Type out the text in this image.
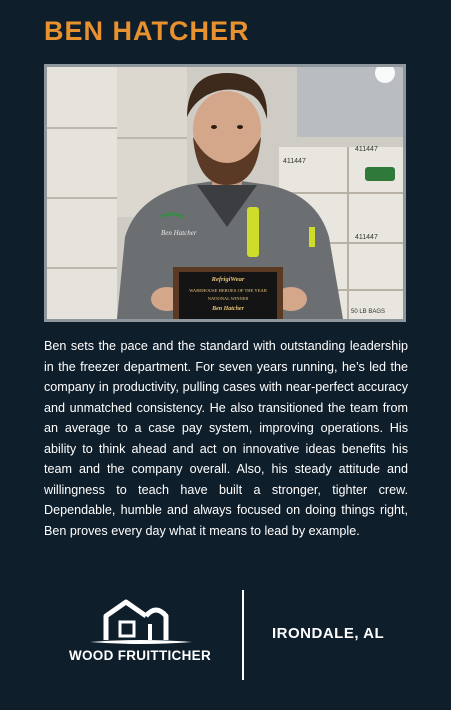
BEN HATCHER
411447
411447
411447
50 LB BAGS
Ben Hatcher
RefrigiWear
WAREHOUSE HEROES OF THE YEAR
NATIONAL WINNER
Ben Hatcher
Ben sets the pace and the standard with outstanding leadership in the freezer department. For seven years running, he’s led the company in productivity, pulling cases with near-perfect accuracy and unmatched consistency. He also transitioned the team from an average to a case pay system, improving operations. His ability to think ahead and act on innovative ideas benefits his team and the company overall. Also, his steady attitude and willingness to teach have built a stronger, tighter crew. Dependable, humble and always focused on doing things right, Ben proves every day what it means to lead by example.
WOOD FRUITTICHER
IRONDALE, AL
